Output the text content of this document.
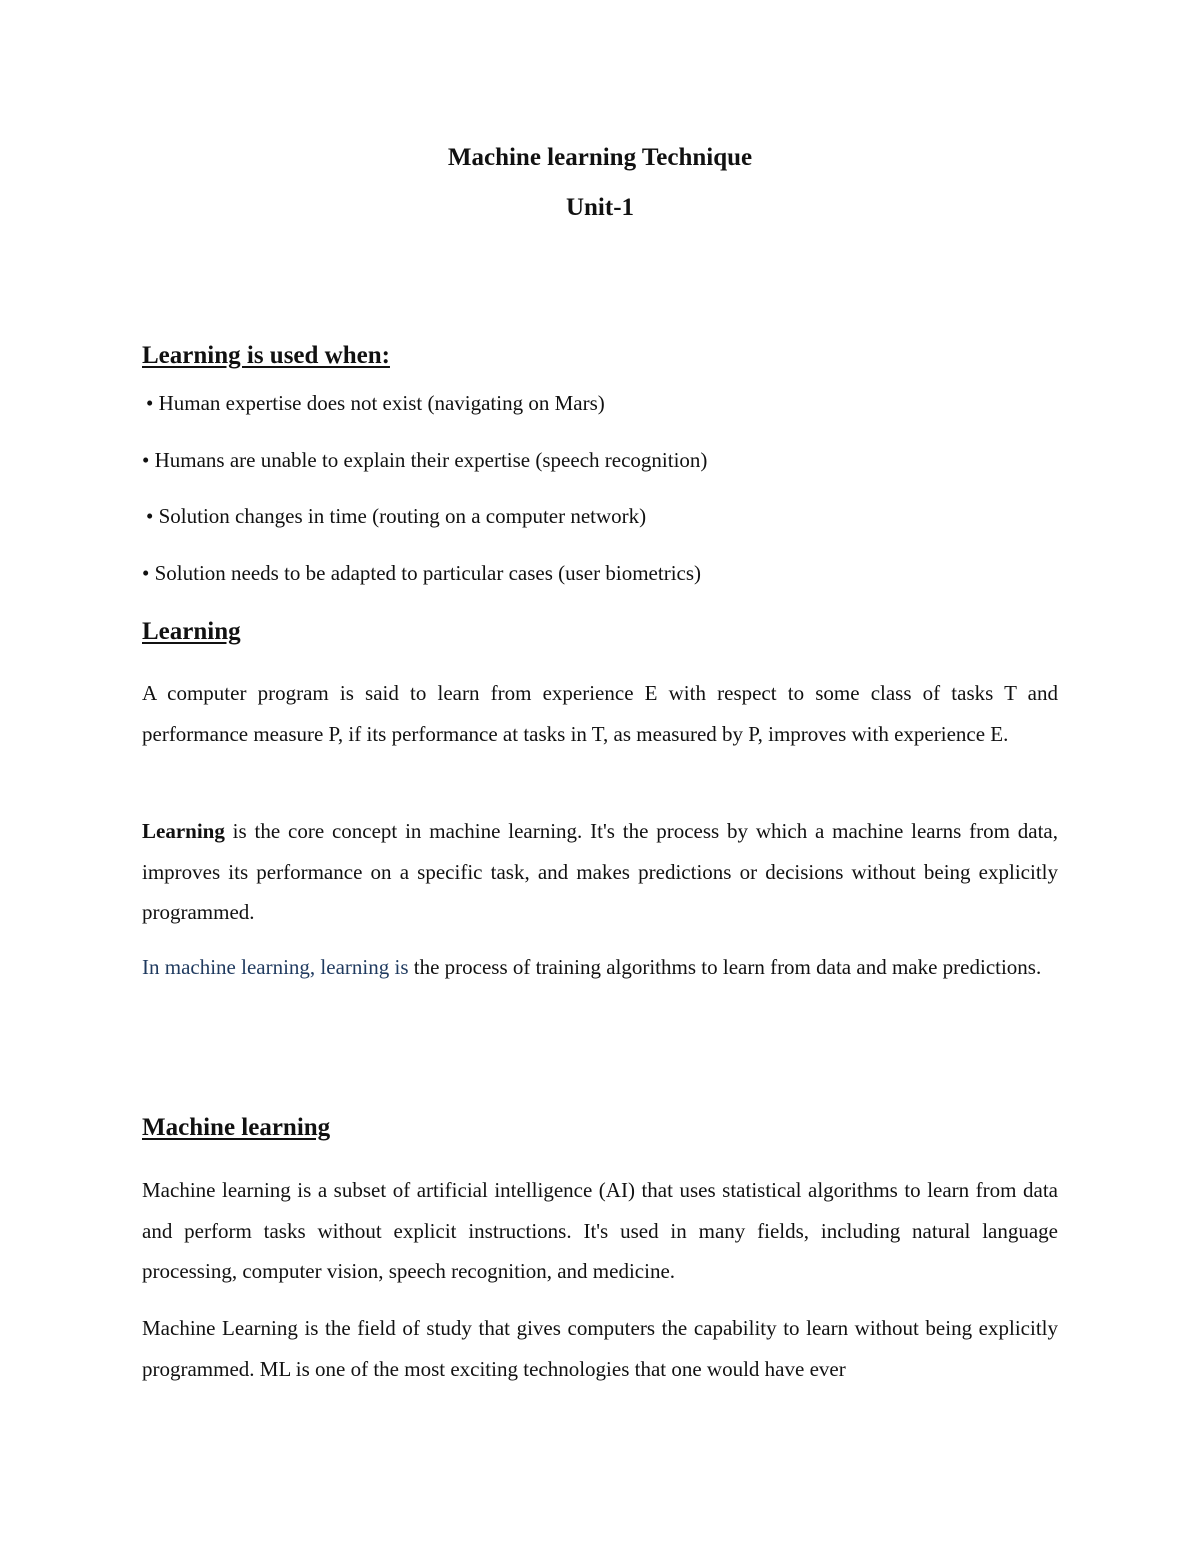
Machine learning Technique
Unit-1
Learning is used when:
• Human expertise does not exist (navigating on Mars)
• Humans are unable to explain their expertise (speech recognition)
• Solution changes in time (routing on a computer network)
• Solution needs to be adapted to particular cases (user biometrics)
Learning
A computer program is said to learn from experience E with respect to some class of tasks T and performance measure P, if its performance at tasks in T, as measured by P, improves with experience E.
Learning is the core concept in machine learning. It's the process by which a machine learns from data, improves its performance on a specific task, and makes predictions or decisions without being explicitly programmed.
In machine learning, learning is the process of training algorithms to learn from data and make predictions.
Machine learning
Machine learning is a subset of artificial intelligence (AI) that uses statistical algorithms to learn from data and perform tasks without explicit instructions. It's used in many fields, including natural language processing, computer vision, speech recognition, and medicine.
Machine Learning is the field of study that gives computers the capability to learn without being explicitly programmed. ML is one of the most exciting technologies that one would have ever
